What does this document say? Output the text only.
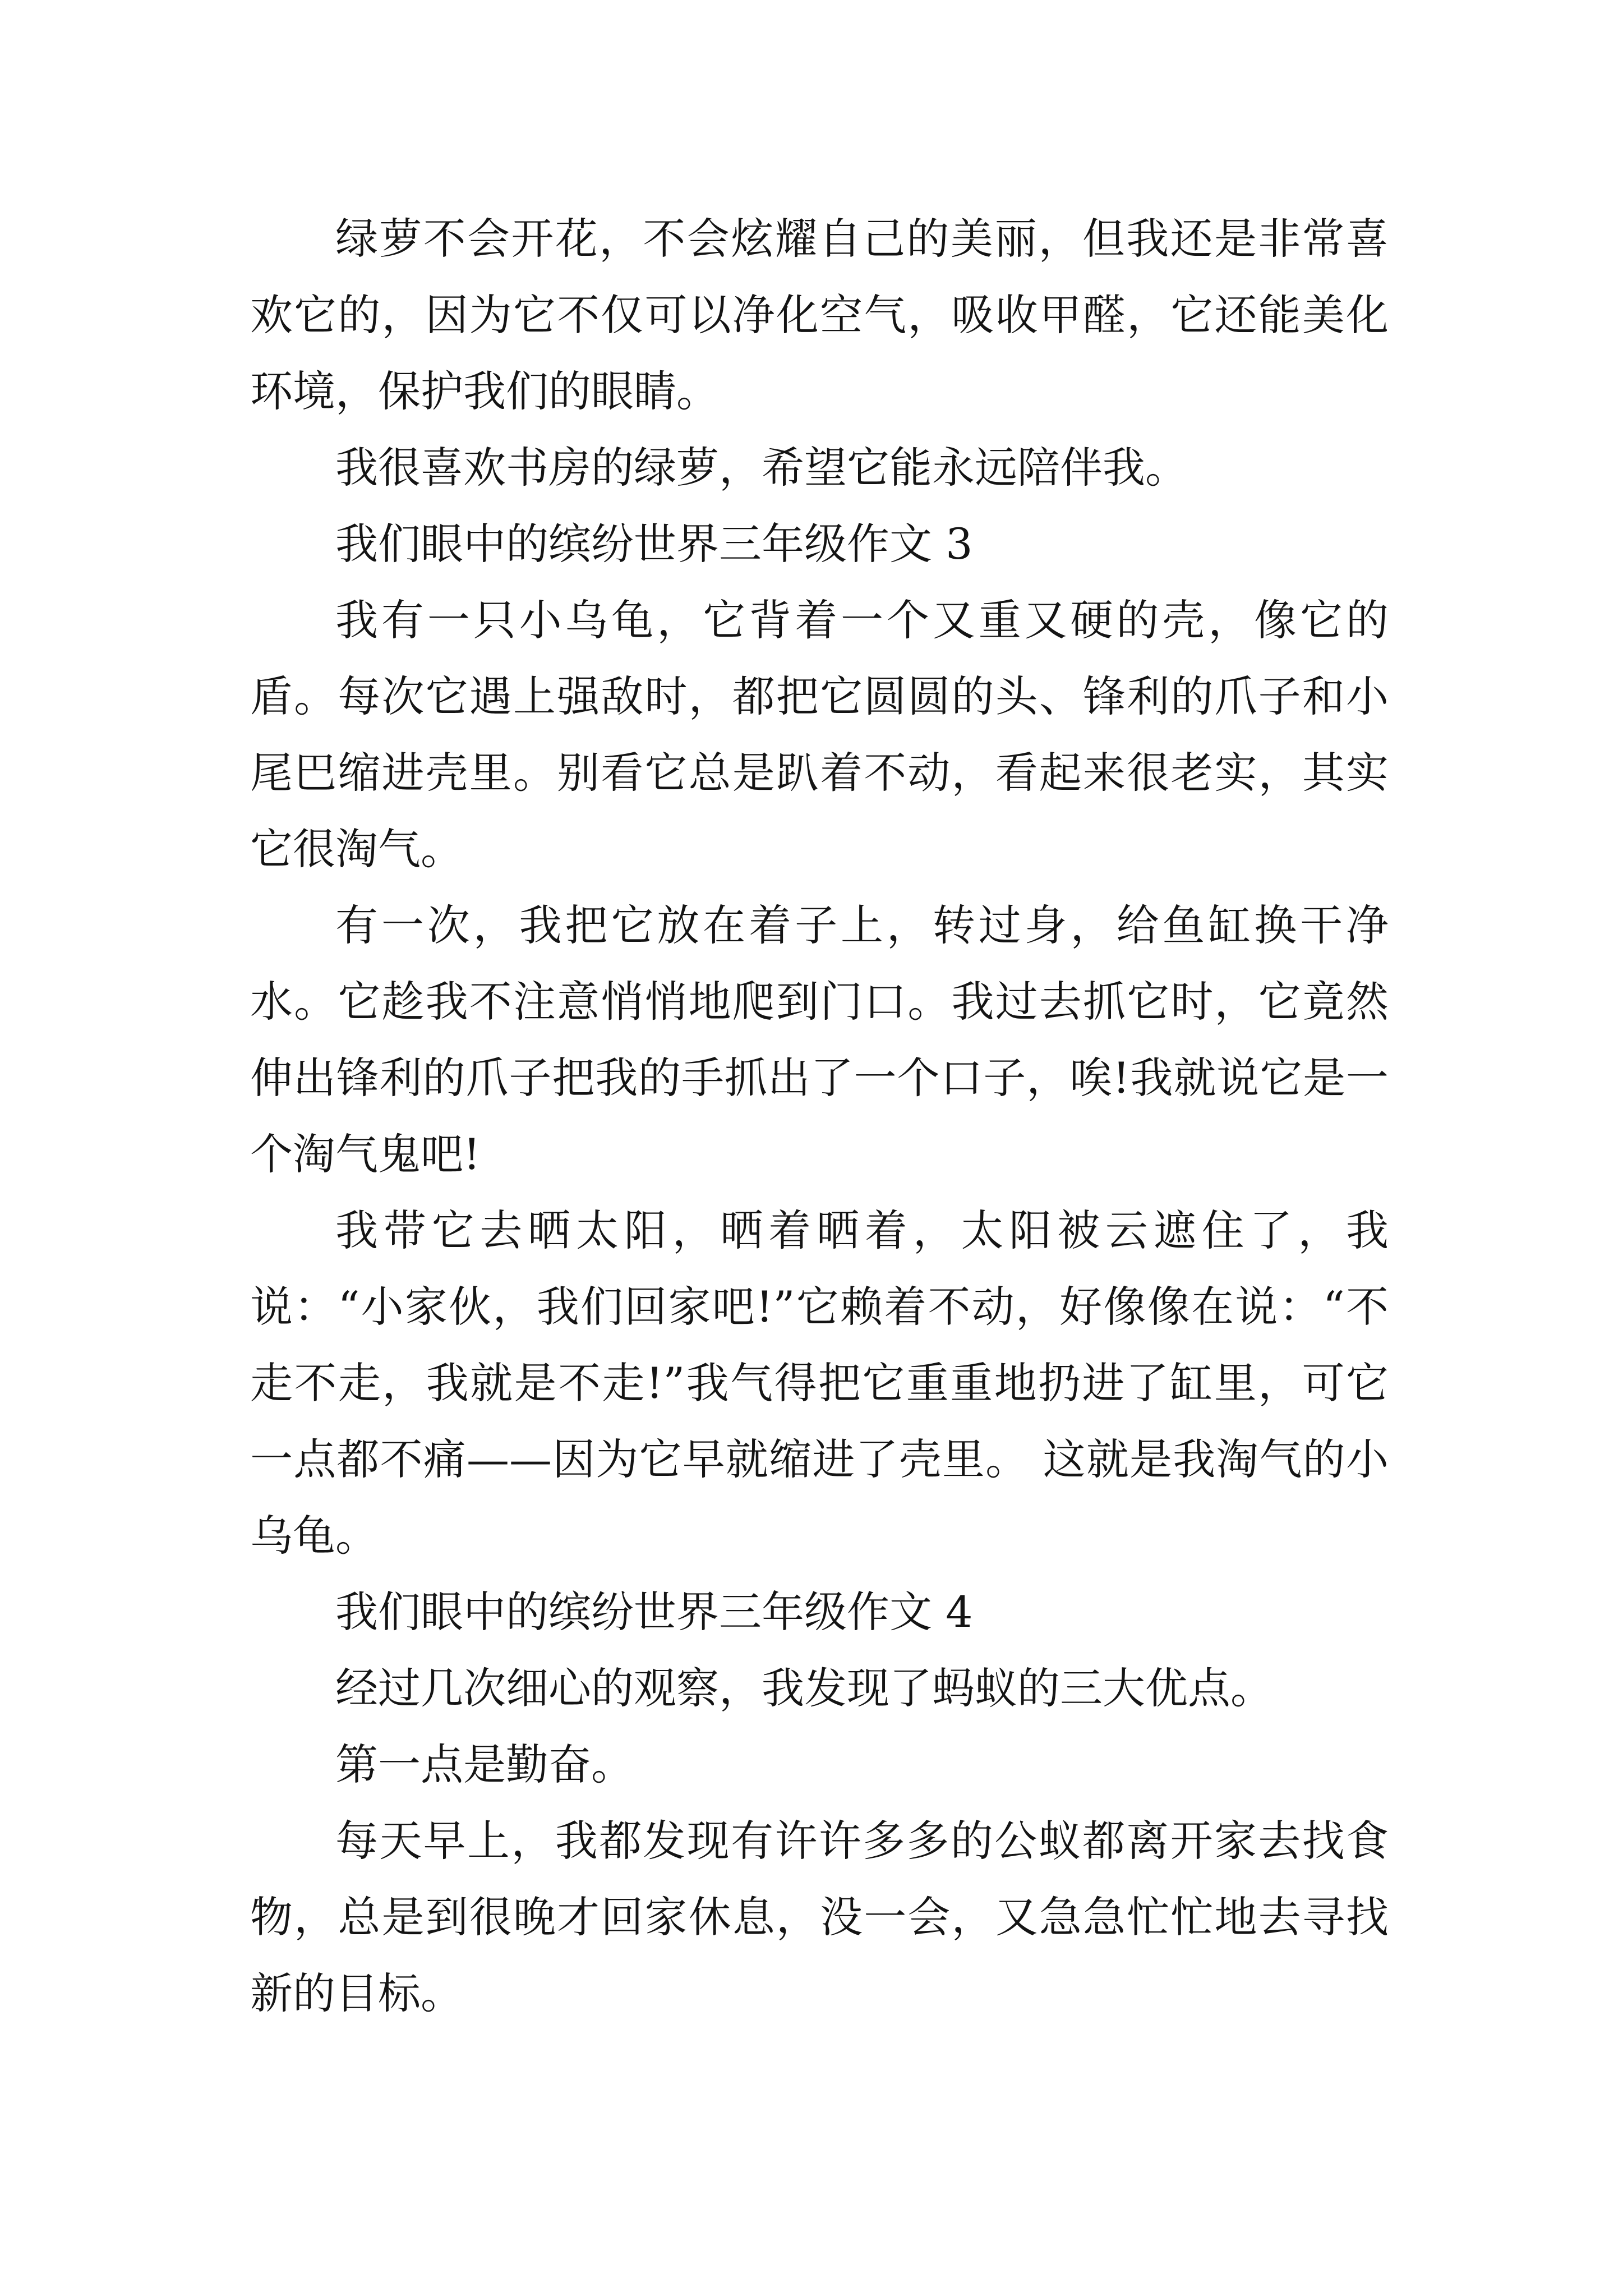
绿萝不会开花，不会炫耀自己的美丽，但我还是非常喜欢它的，因为它不仅可以净化空气，吸收甲醛，它还能美化环境，保护我们的眼睛。

我很喜欢书房的绿萝，希望它能永远陪伴我。

我们眼中的缤纷世界三年级作文 3

我有一只小乌龟，它背着一个又重又硬的壳，像它的盾。每次它遇上强敌时，都把它圆圆的头、锋利的爪子和小尾巴缩进壳里。别看它总是趴着不动，看起来很老实，其实它很淘气。

有一次，我把它放在着子上，转过身，给鱼缸换干净水。它趁我不注意悄悄地爬到门口。我过去抓它时，它竟然伸出锋利的爪子把我的手抓出了一个口子，唉!我就说它是一个淘气鬼吧!

我带它去晒太阳，晒着晒着，太阳被云遮住了，我说：“小家伙，我们回家吧!”它赖着不动，好像像在说：“不走不走，我就是不走!”我气得把它重重地扔进了缸里，可它一点都不痛——因为它早就缩进了壳里。 这就是我淘气的小乌龟。

我们眼中的缤纷世界三年级作文 4

经过几次细心的观察，我发现了蚂蚁的三大优点。

第一点是勤奋。

每天早上，我都发现有许许多多的公蚁都离开家去找食物，总是到很晚才回家休息，没一会，又急急忙忙地去寻找新的目标。
